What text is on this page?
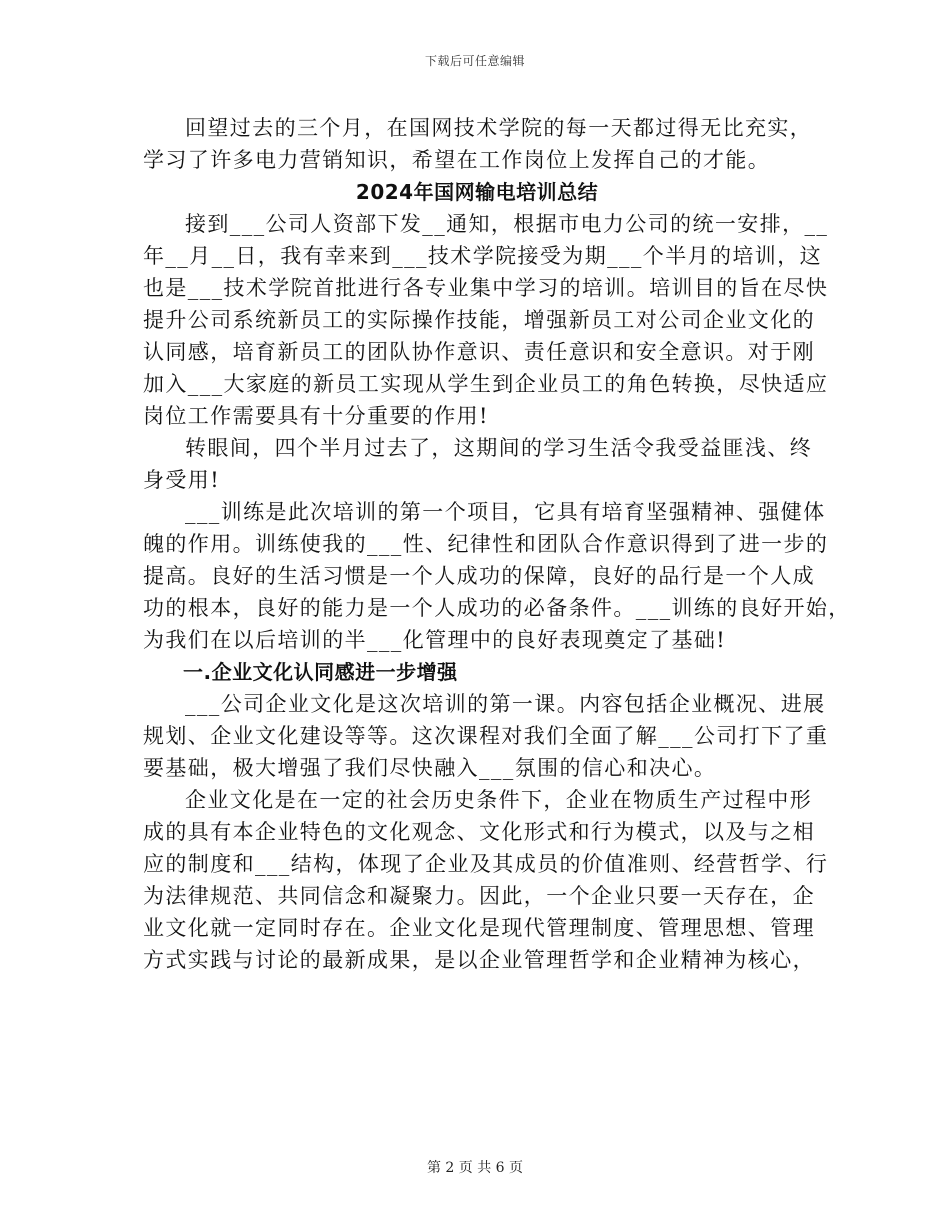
下载后可任意编辑

回望过去的三个月，在国网技术学院的每一天都过得无比充实，
学习了许多电力营销知识，希望在工作岗位上发挥自己的才能。

2024年国网输电培训总结

接到___公司人资部下发__通知，根据市电力公司的统一安排，__
年__月__日，我有幸来到___技术学院接受为期___个半月的培训，这
也是___技术学院首批进行各专业集中学习的培训。培训目的旨在尽快
提升公司系统新员工的实际操作技能，增强新员工对公司企业文化的
认同感，培育新员工的团队协作意识、责任意识和安全意识。对于刚
加入___大家庭的新员工实现从学生到企业员工的角色转换，尽快适应
岗位工作需要具有十分重要的作用!

转眼间，四个半月过去了，这期间的学习生活令我受益匪浅、终
身受用!

___训练是此次培训的第一个项目，它具有培育坚强精神、强健体
魄的作用。训练使我的___性、纪律性和团队合作意识得到了进一步的
提高。良好的生活习惯是一个人成功的保障，良好的品行是一个人成
功的根本，良好的能力是一个人成功的必备条件。___训练的良好开始，
为我们在以后培训的半___化管理中的良好表现奠定了基础!

一.企业文化认同感进一步增强

___公司企业文化是这次培训的第一课。内容包括企业概况、进展
规划、企业文化建设等等。这次课程对我们全面了解___公司打下了重
要基础，极大增强了我们尽快融入___氛围的信心和决心。

企业文化是在一定的社会历史条件下，企业在物质生产过程中形
成的具有本企业特色的文化观念、文化形式和行为模式，以及与之相
应的制度和___结构，体现了企业及其成员的价值准则、经营哲学、行
为法律规范、共同信念和凝聚力。因此，一个企业只要一天存在，企
业文化就一定同时存在。企业文化是现代管理制度、管理思想、管理
方式实践与讨论的最新成果，是以企业管理哲学和企业精神为核心，

第 2 页 共 6 页
